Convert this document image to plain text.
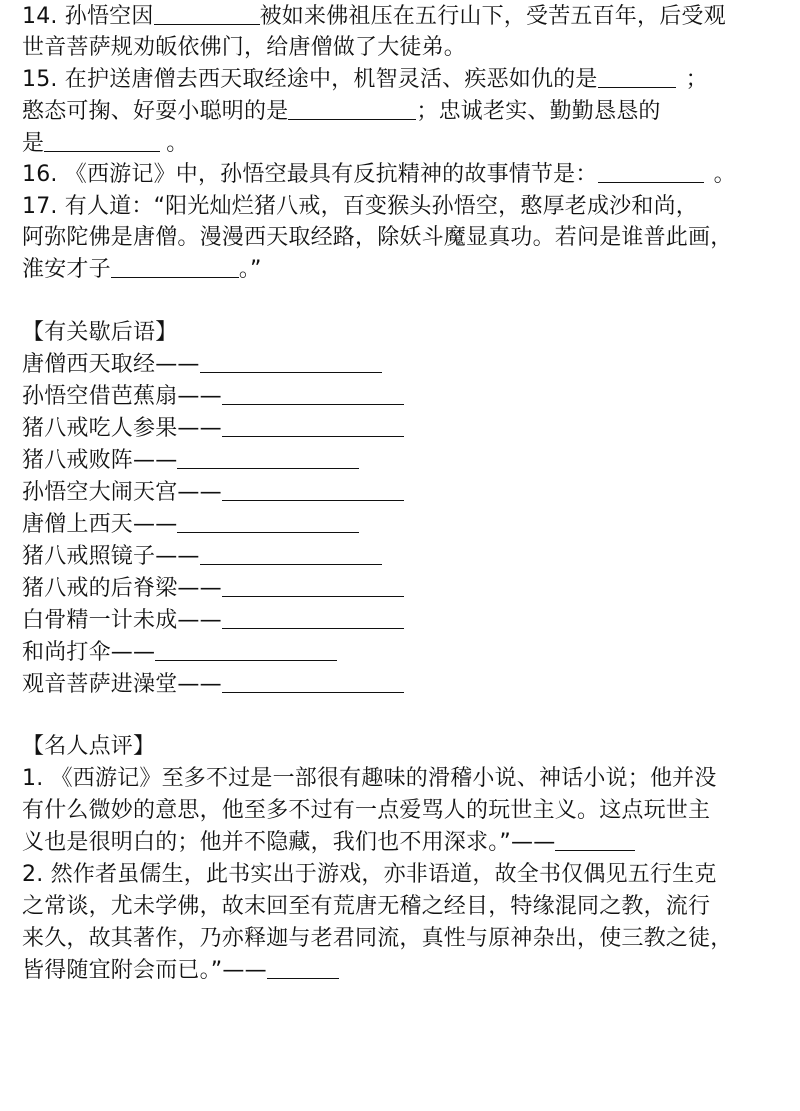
14. 孙悟空因	被如来佛祖压在五行山下，受苦五百年，后受观
世音菩萨规劝皈依佛门，给唐僧做了大徒弟。
15. 在护送唐僧去西天取经途中，机智灵活、疾恶如仇的是	；
憨态可掬、好耍小聪明的是	；忠诚老实、勤勤恳恳的
是	。
16. 《西游记》中，孙悟空最具有反抗精神的故事情节是：	。
17. 有人道：“阳光灿烂猪八戒，百变猴头孙悟空，憨厚老成沙和尚，
阿弥陀佛是唐僧。漫漫西天取经路，除妖斗魔显真功。若问是谁普此画，
淮安才子	。”
【有关歇后语】
唐僧西天取经——
孙悟空借芭蕉扇——
猪八戒吃人参果——
猪八戒败阵——
孙悟空大闹天宫——
唐僧上西天——
猪八戒照镜子——
猪八戒的后脊梁——
白骨精一计未成——
和尚打伞——
观音菩萨进澡堂——
【名人点评】
1. 《西游记》至多不过是一部很有趣味的滑稽小说、神话小说；他并没
有什么微妙的意思，他至多不过有一点爱骂人的玩世主义。这点玩世主
义也是很明白的；他并不隐藏，我们也不用深求。”——
2. 然作者虽儒生，此书实出于游戏，亦非语道，故全书仅偶见五行生克
之常谈，尤未学佛，故末回至有荒唐无稽之经目，特缘混同之教，流行
来久，故其著作，乃亦释迦与老君同流，真性与原神杂出，使三教之徒，
皆得随宜附会而已。”——
